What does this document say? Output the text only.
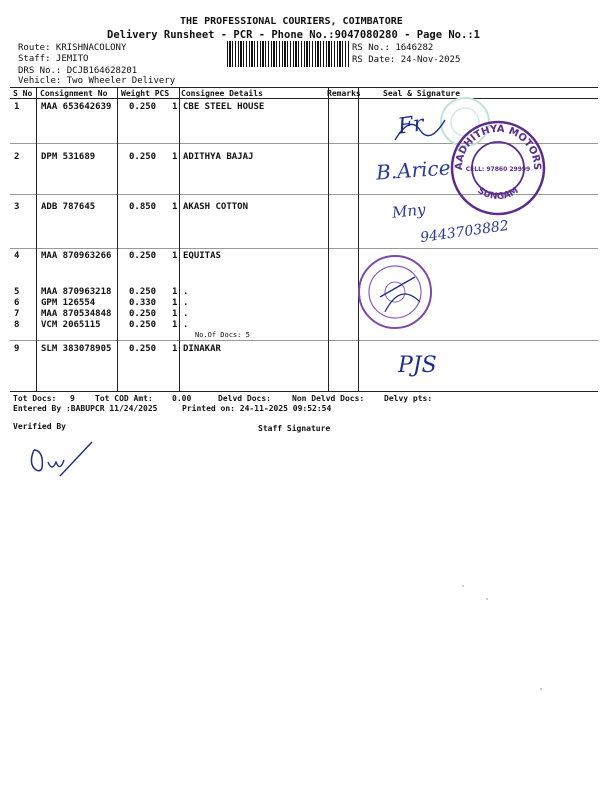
THE PROFESSIONAL COURIERS, COIMBATORE
Delivery Runsheet - PCR - Phone No.:9047080280 - Page No.:1
Route: KRISHNACOLONY
Staff: JEMITO
DRS No.: DCJB164628201
Vehicle: Two Wheeler Delivery
RS No.: 1646282
RS Date: 24-Nov-2025
S No Consignment No Weight PCS Consignee Details	Remarks	Seal & Signature
1 MAA 653642639 0.250 1 CBE STEEL HOUSE
2 DPM 531689	0.250 1 ADITHYA BAJAJ
3 ADB 787645	0.850 1 AKASH COTTON
4 MAA 870963266 0.250 1 EQUITAS
5 MAA 870963218 0.250 1 .
6 GPM 126554	0.330 1 .
7 MAA 870534848 0.250 1 .
8 VCM 2065115	0.250 1 .
No.Of Docs: 5
9 SLM 383078905 0.250 1 DINAKAR
Fr
B.Arice AADHITHYA MOTORS
SUNGAM
CELL: 97860 29999
Mny
9443703882
PJS
Tot Docs: 9	Tot COD Amt: 0.00	Delvd Docs:	Non Delvd Docs: Delvy pts:
Entered By :BABUPCR 11/24/2025	Printed on: 24-11-2025 09:52:54
Verified By	Staff Signature
